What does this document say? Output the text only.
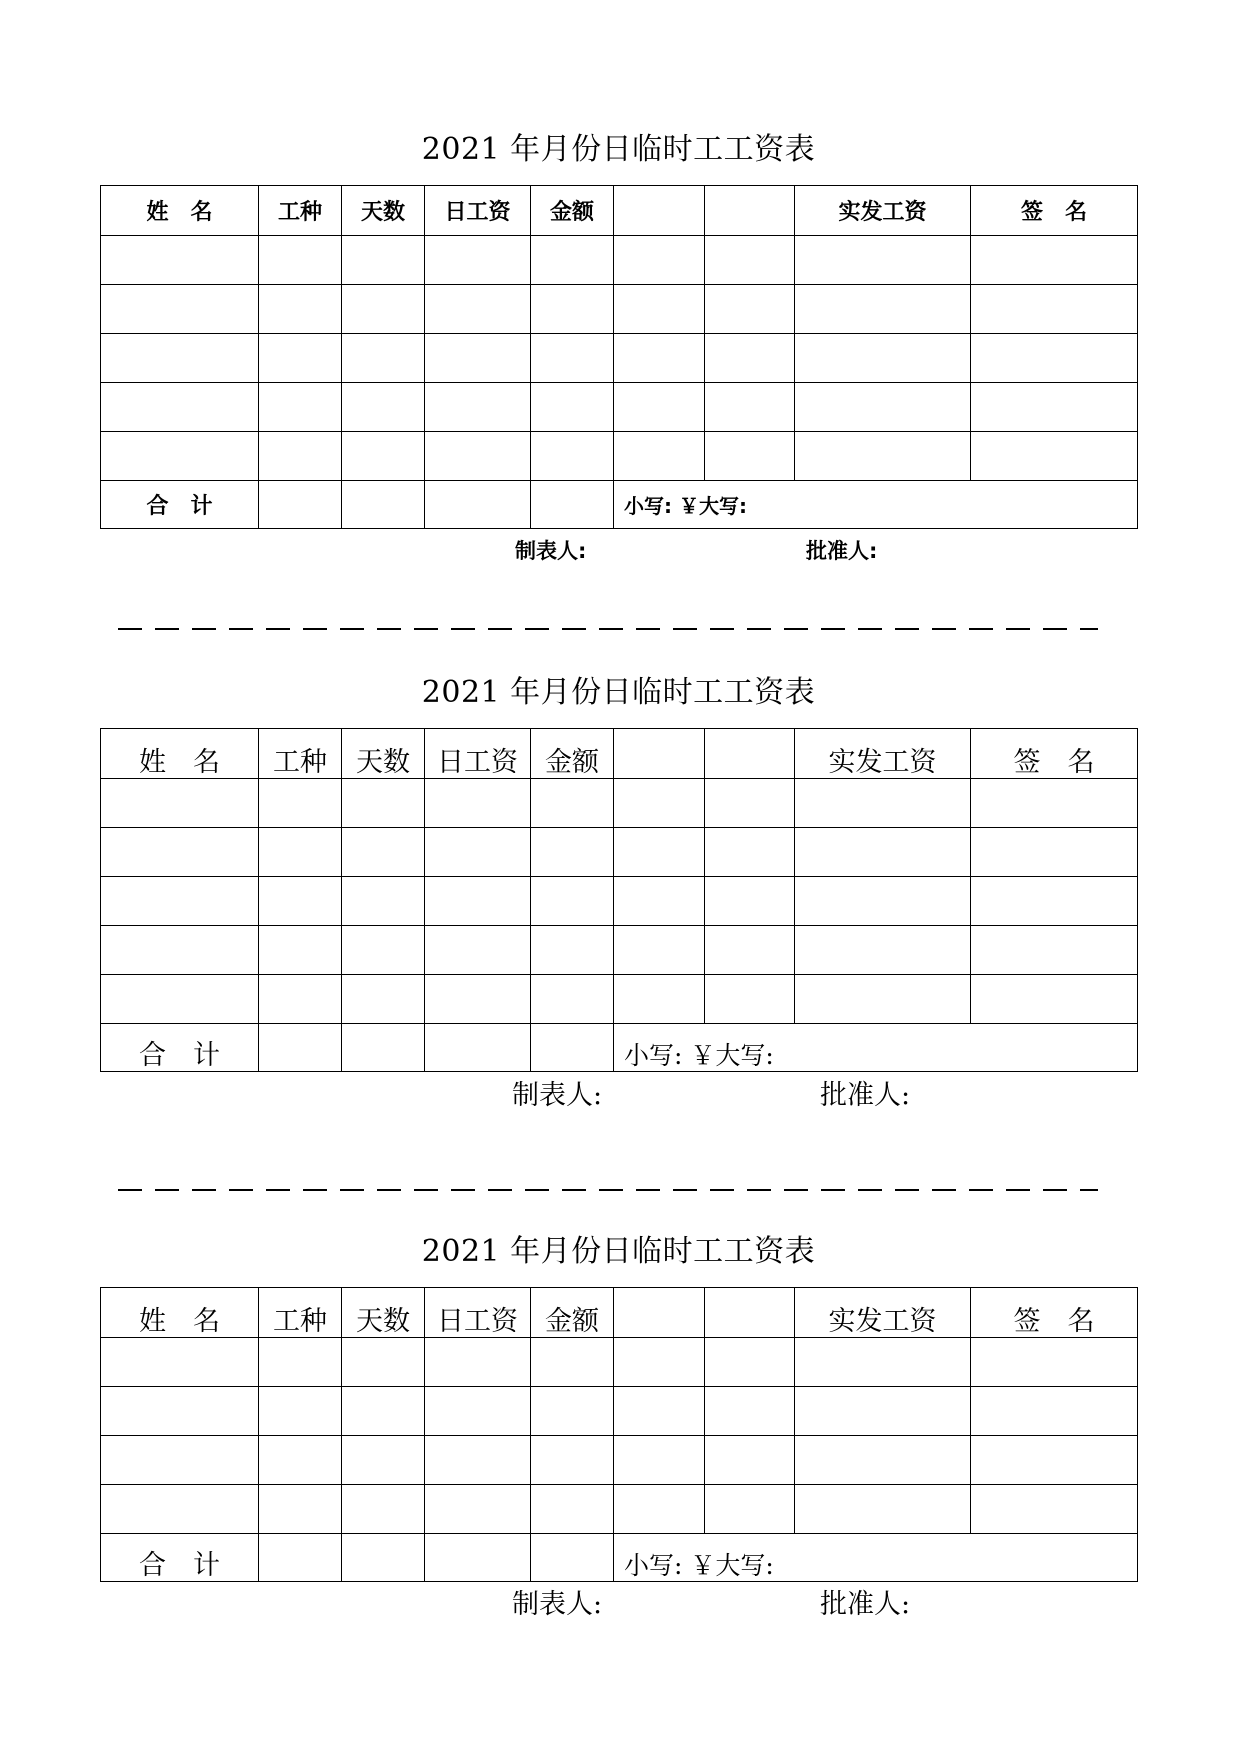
2021 年月份日临时工工资表
姓　名	工种	天数	日工资	金额			实发工资	签　名

合　计					小写: ￥大写:			
制表人:	批准人:
2021 年月份日临时工工资表
姓　名	工种	天数	日工资	金额			实发工资	签　名

合　计					小写: ￥大写:			
制表人:	批准人:
2021 年月份日临时工工资表
姓　名	工种	天数	日工资	金额			实发工资	签　名

合　计					小写: ￥大写:			
制表人:	批准人:
